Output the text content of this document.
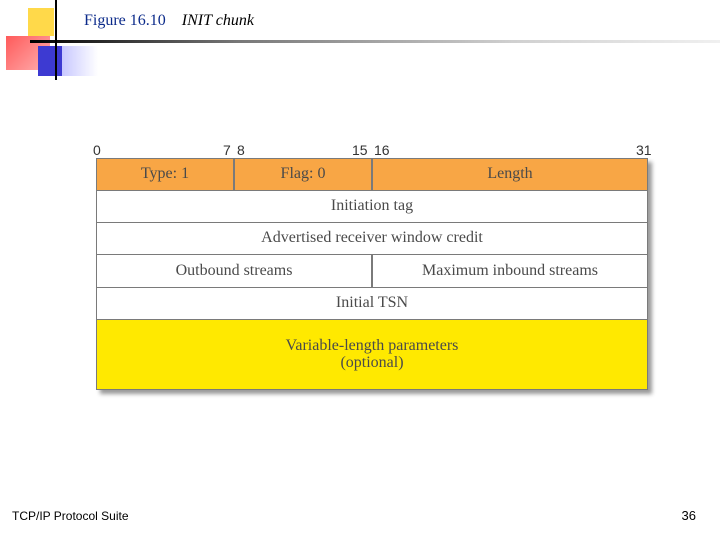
Figure 16.10 INIT chunk
0	7 8	15 16	31
Type: 1	Flag: 0	Length
Initiation tag
Advertised receiver window credit
Outbound streams	Maximum inbound streams
Initial TSN
Variable-length parameters
(optional)
TCP/IP Protocol Suite	36
